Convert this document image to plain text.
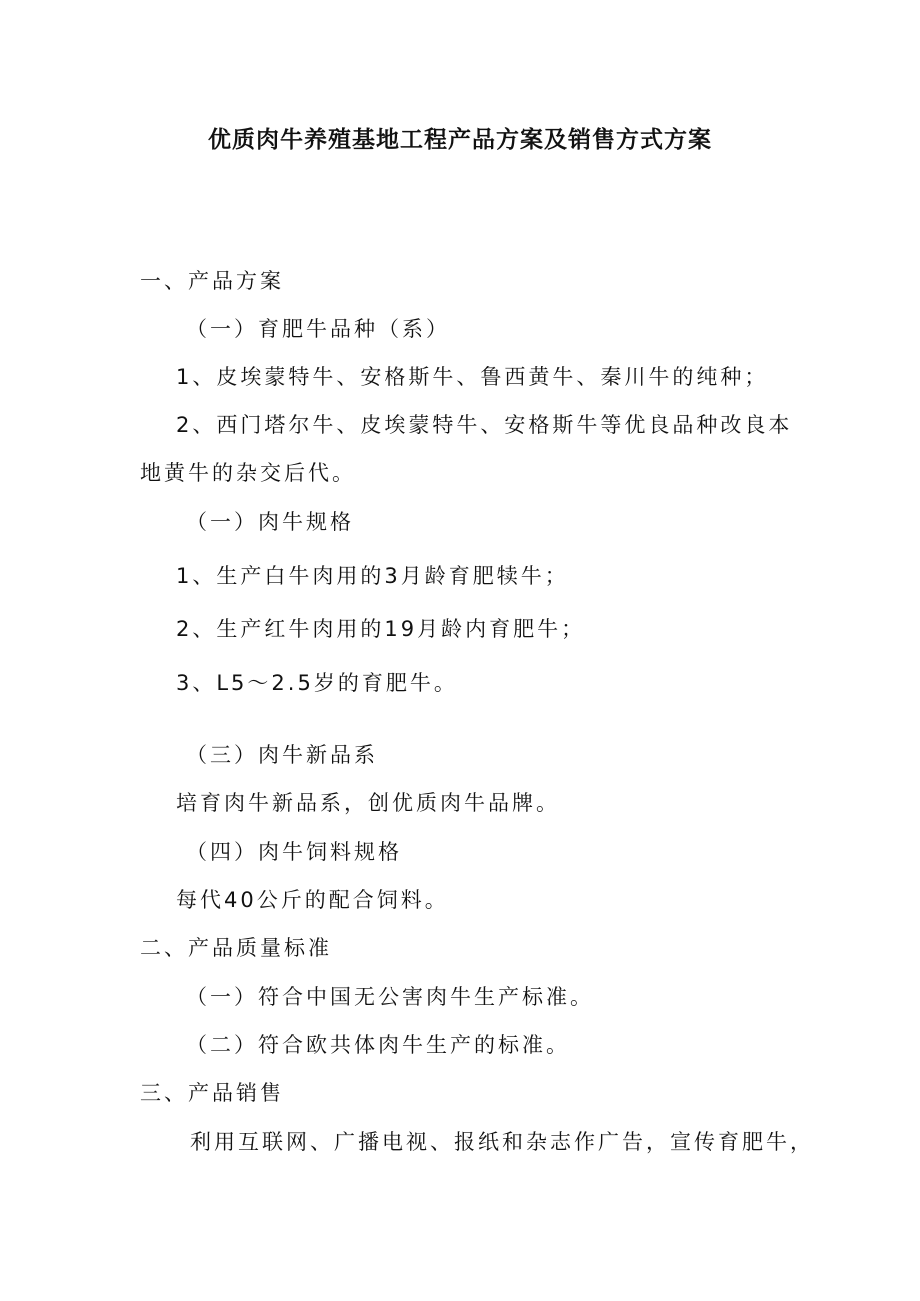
优质肉牛养殖基地工程产品方案及销售方式方案
一、产品方案
（一）育肥牛品种（系）
1、皮埃蒙特牛、安格斯牛、鲁西黄牛、秦川牛的纯种；
2、西门塔尔牛、皮埃蒙特牛、安格斯牛等优良品种改良本
地黄牛的杂交后代。
（一）肉牛规格
1、生产白牛肉用的3月龄育肥犊牛；
2、生产红牛肉用的19月龄内育肥牛；
3、L5～2.5岁的育肥牛。
（三）肉牛新品系
培育肉牛新品系，创优质肉牛品牌。
（四）肉牛饲料规格
每代40公斤的配合饲料。
二、产品质量标准
（一）符合中国无公害肉牛生产标准。
（二）符合欧共体肉牛生产的标准。
三、产品销售
利用互联网、广播电视、报纸和杂志作广告，宣传育肥牛，
